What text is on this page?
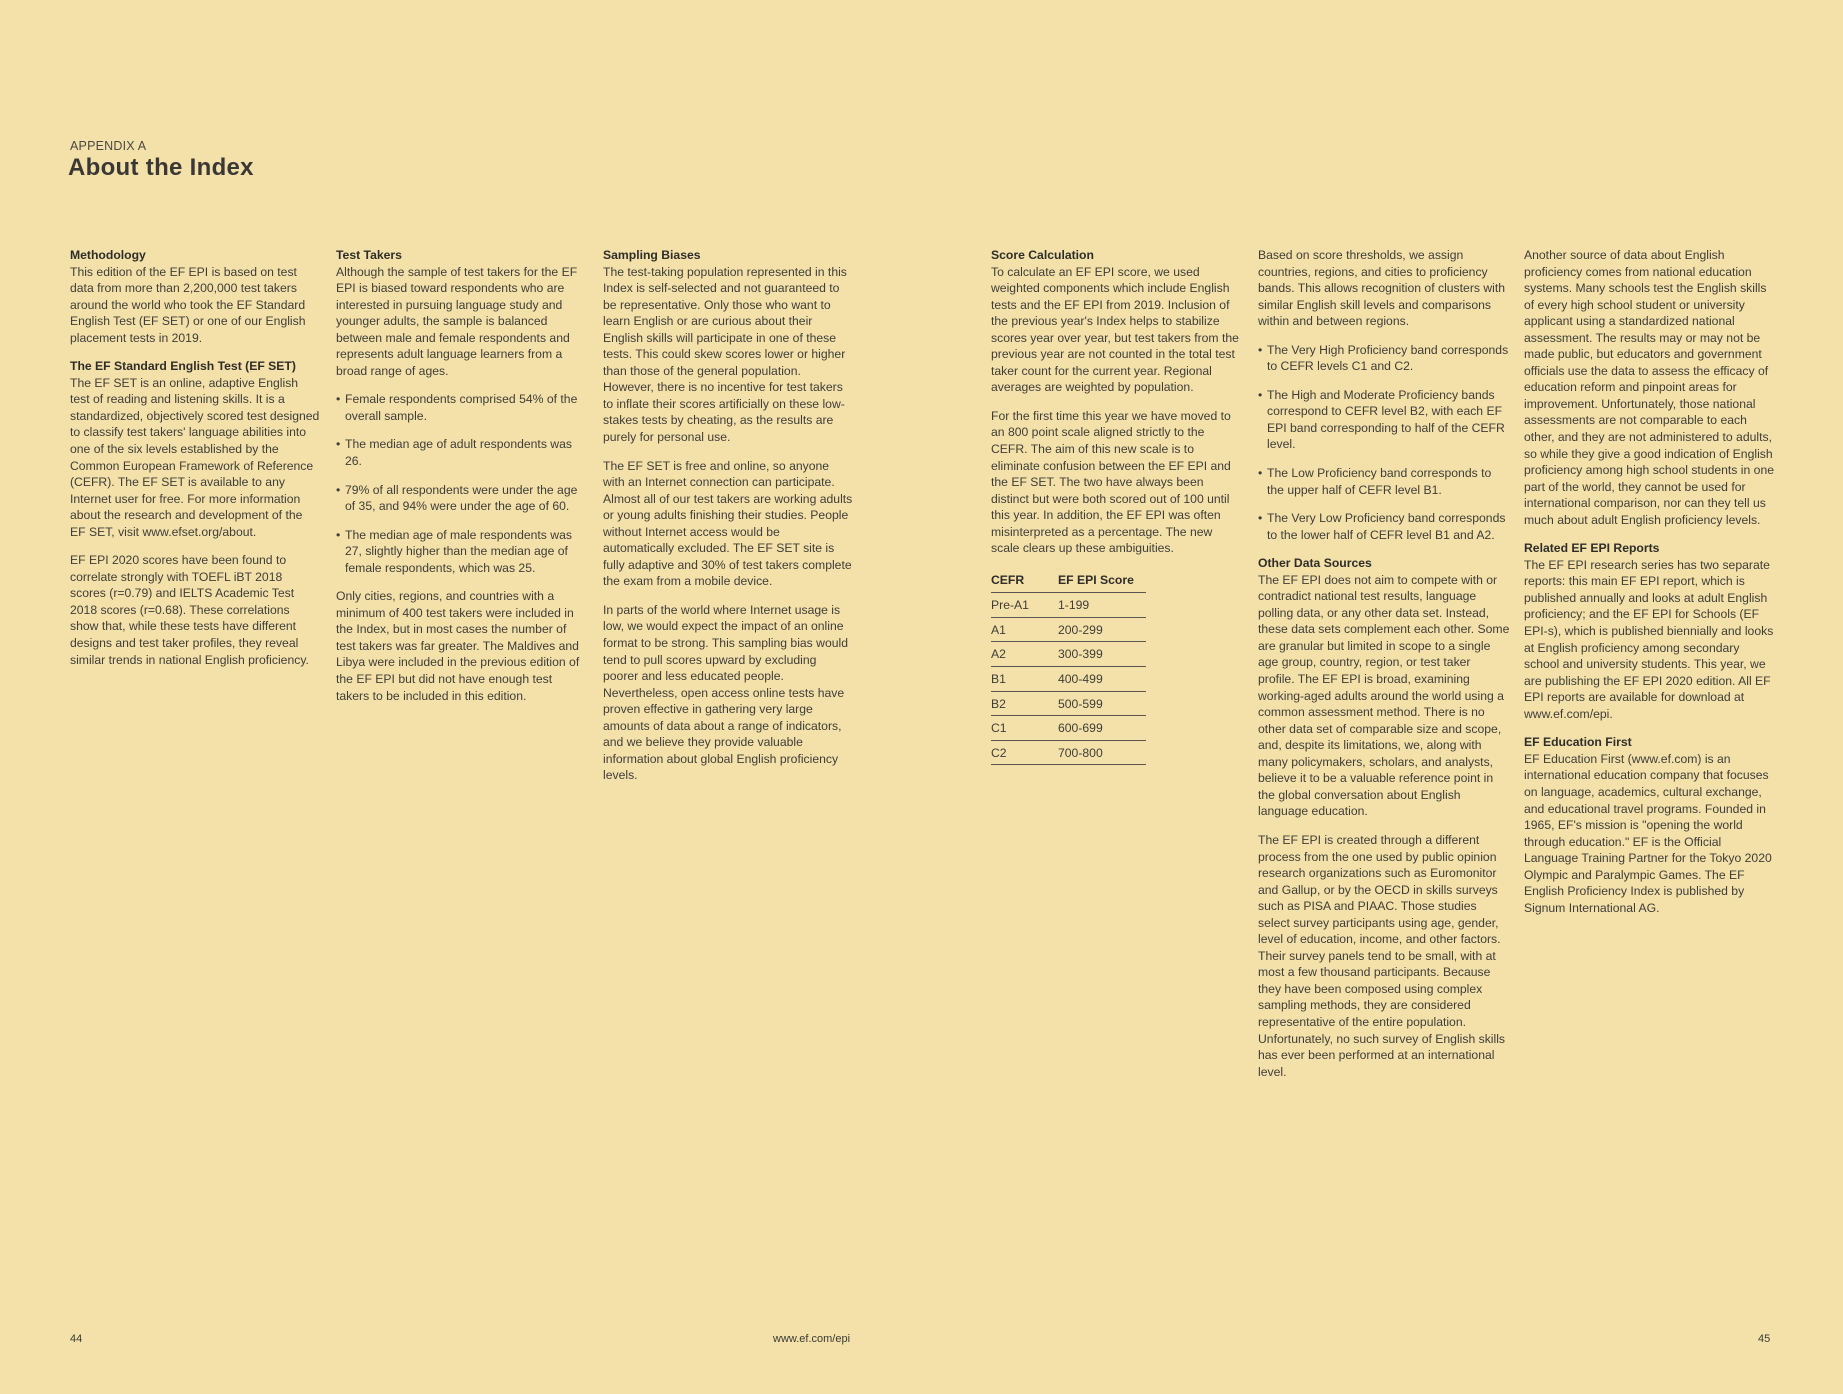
APPENDIX A
About the Index
Methodology

This edition of the EF EPI is based on test data from more than 2,200,000 test takers around the world who took the EF Standard English Test (EF SET) or one of our English placement tests in 2019.

The EF Standard English Test (EF SET)

The EF SET is an online, adaptive English test of reading and listening skills. It is a standardized, objectively scored test designed to classify test takers' language abilities into one of the six levels established by the Common European Framework of Reference (CEFR). The EF SET is available to any Internet user for free. For more information about the research and development of the EF SET, visit www.efset.org/about.

EF EPI 2020 scores have been found to correlate strongly with TOEFL iBT 2018 scores (r=0.79) and IELTS Academic Test 2018 scores (r=0.68). These correlations show that, while these tests have different designs and test taker profiles, they reveal similar trends in national English proficiency.

Test Takers

Although the sample of test takers for the EF EPI is biased toward respondents who are interested in pursuing language study and younger adults, the sample is balanced between male and female respondents and represents adult language learners from a broad range of ages.

• Female respondents comprised 54% of the overall sample.
• The median age of adult respondents was 26.
• 79% of all respondents were under the age of 35, and 94% were under the age of 60.
• The median age of male respondents was 27, slightly higher than the median age of female respondents, which was 25.

Only cities, regions, and countries with a minimum of 400 test takers were included in the Index, but in most cases the number of test takers was far greater. The Maldives and Libya were included in the previous edition of the EF EPI but did not have enough test takers to be included in this edition.

Sampling Biases

The test-taking population represented in this Index is self-selected and not guaranteed to be representative. Only those who want to learn English or are curious about their English skills will participate in one of these tests. This could skew scores lower or higher than those of the general population. However, there is no incentive for test takers to inflate their scores artificially on these low-stakes tests by cheating, as the results are purely for personal use.

The EF SET is free and online, so anyone with an Internet connection can participate. Almost all of our test takers are working adults or young adults finishing their studies. People without Internet access would be automatically excluded. The EF SET site is fully adaptive and 30% of test takers complete the exam from a mobile device.

In parts of the world where Internet usage is low, we would expect the impact of an online format to be strong. This sampling bias would tend to pull scores upward by excluding poorer and less educated people. Nevertheless, open access online tests have proven effective in gathering very large amounts of data about a range of indicators, and we believe they provide valuable information about global English proficiency levels.

Score Calculation

To calculate an EF EPI score, we used weighted components which include English tests and the EF EPI from 2019. Inclusion of the previous year's Index helps to stabilize scores year over year, but test takers from the previous year are not counted in the total test taker count for the current year. Regional averages are weighted by population.

For the first time this year we have moved to an 800 point scale aligned strictly to the CEFR. The aim of this new scale is to eliminate confusion between the EF EPI and the EF SET. The two have always been distinct but were both scored out of 100 until this year. In addition, the EF EPI was often misinterpreted as a percentage. The new scale clears up these ambiguities.

CEFR	EF EPI Score
Pre-A1	1-199
A1	200-299
A2	300-399
B1	400-499
B2	500-599
C1	600-699
C2	700-800

Based on score thresholds, we assign countries, regions, and cities to proficiency bands. This allows recognition of clusters with similar English skill levels and comparisons within and between regions.

• The Very High Proficiency band corresponds to CEFR levels C1 and C2.
• The High and Moderate Proficiency bands correspond to CEFR level B2, with each EF EPI band corresponding to half of the CEFR level.
• The Low Proficiency band corresponds to the upper half of CEFR level B1.
• The Very Low Proficiency band corresponds to the lower half of CEFR level B1 and A2.
Other Data Sources

The EF EPI does not aim to compete with or contradict national test results, language polling data, or any other data set. Instead, these data sets complement each other. Some are granular but limited in scope to a single age group, country, region, or test taker profile. The EF EPI is broad, examining working-aged adults around the world using a common assessment method. There is no other data set of comparable size and scope, and, despite its limitations, we, along with many policymakers, scholars, and analysts, believe it to be a valuable reference point in the global conversation about English language education.

The EF EPI is created through a different process from the one used by public opinion research organizations such as Euromonitor and Gallup, or by the OECD in skills surveys such as PISA and PIAAC. Those studies select survey participants using age, gender, level of education, income, and other factors. Their survey panels tend to be small, with at most a few thousand participants. Because they have been composed using complex sampling methods, they are considered representative of the entire population. Unfortunately, no such survey of English skills has ever been performed at an international level.

Another source of data about English proficiency comes from national education systems. Many schools test the English skills of every high school student or university applicant using a standardized national assessment. The results may or may not be made public, but educators and government officials use the data to assess the efficacy of education reform and pinpoint areas for improvement. Unfortunately, those national assessments are not comparable to each other, and they are not administered to adults, so while they give a good indication of English proficiency among high school students in one part of the world, they cannot be used for international comparison, nor can they tell us much about adult English proficiency levels.

Related EF EPI Reports

The EF EPI research series has two separate reports: this main EF EPI report, which is published annually and looks at adult English proficiency; and the EF EPI for Schools (EF EPI-s), which is published biennially and looks at English proficiency among secondary school and university students. This year, we are publishing the EF EPI 2020 edition. All EF EPI reports are available for download at www.ef.com/epi.

EF Education First

EF Education First (www.ef.com) is an international education company that focuses on language, academics, cultural exchange, and educational travel programs. Founded in 1965, EF's mission is "opening the world through education." EF is the Official Language Training Partner for the Tokyo 2020 Olympic and Paralympic Games. The EF English Proficiency Index is published by Signum International AG.

44	www.ef.com/epi	45
